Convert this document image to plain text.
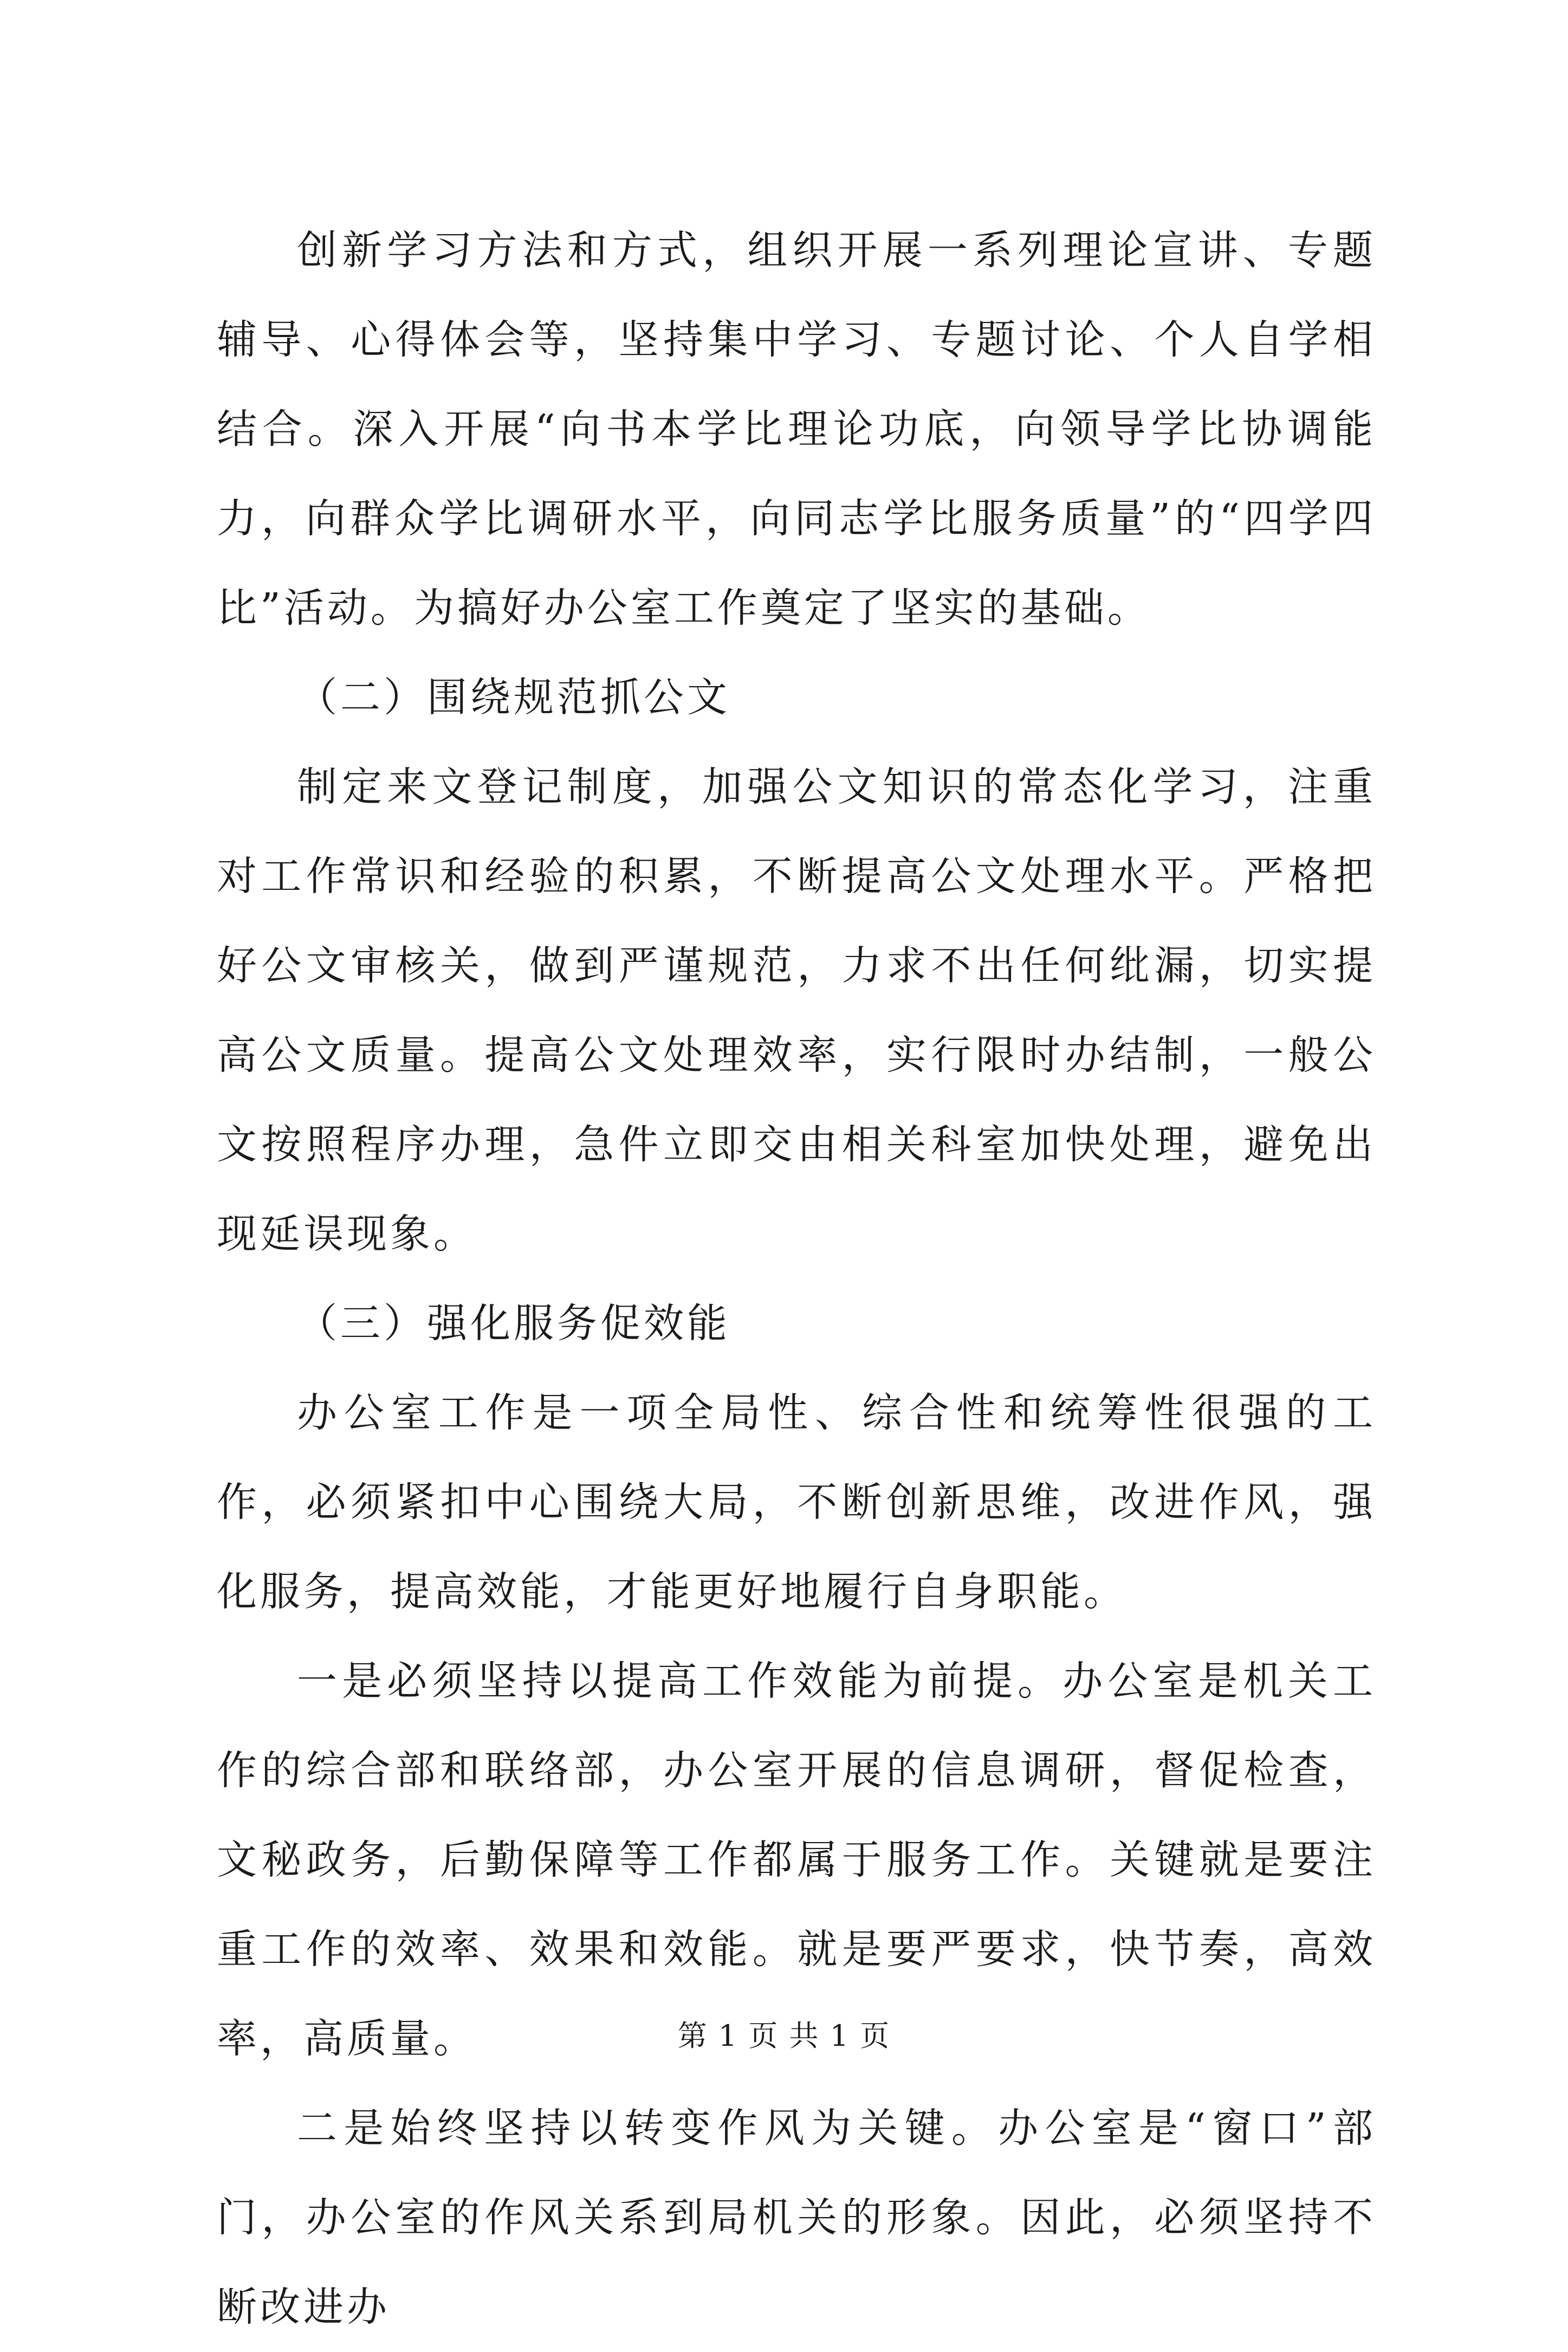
创新学习方法和方式，组织开展一系列理论宣讲、专题辅导、心得体会等，坚持集中学习、专题讨论、个人自学相结合。深入开展“向书本学比理论功底，向领导学比协调能力，向群众学比调研水平，向同志学比服务质量”的“四学四比”活动。为搞好办公室工作奠定了坚实的基础。

（二）围绕规范抓公文

制定来文登记制度，加强公文知识的常态化学习，注重对工作常识和经验的积累，不断提高公文处理水平。严格把好公文审核关，做到严谨规范，力求不出任何纰漏，切实提高公文质量。提高公文处理效率，实行限时办结制，一般公文按照程序办理，急件立即交由相关科室加快处理，避免出现延误现象。

（三）强化服务促效能

办公室工作是一项全局性、综合性和统筹性很强的工作，必须紧扣中心围绕大局，不断创新思维，改进作风，强化服务，提高效能，才能更好地履行自身职能。

一是必须坚持以提高工作效能为前提。办公室是机关工作的综合部和联络部，办公室开展的信息调研，督促检查，文秘政务，后勤保障等工作都属于服务工作。关键就是要注重工作的效率、效果和效能。就是要严要求，快节奏，高效率，高质量。

二是始终坚持以转变作风为关键。办公室是“窗口”部门，办公室的作风关系到局机关的形象。因此，必须坚持不断改进办

第 1 页 共 1 页
